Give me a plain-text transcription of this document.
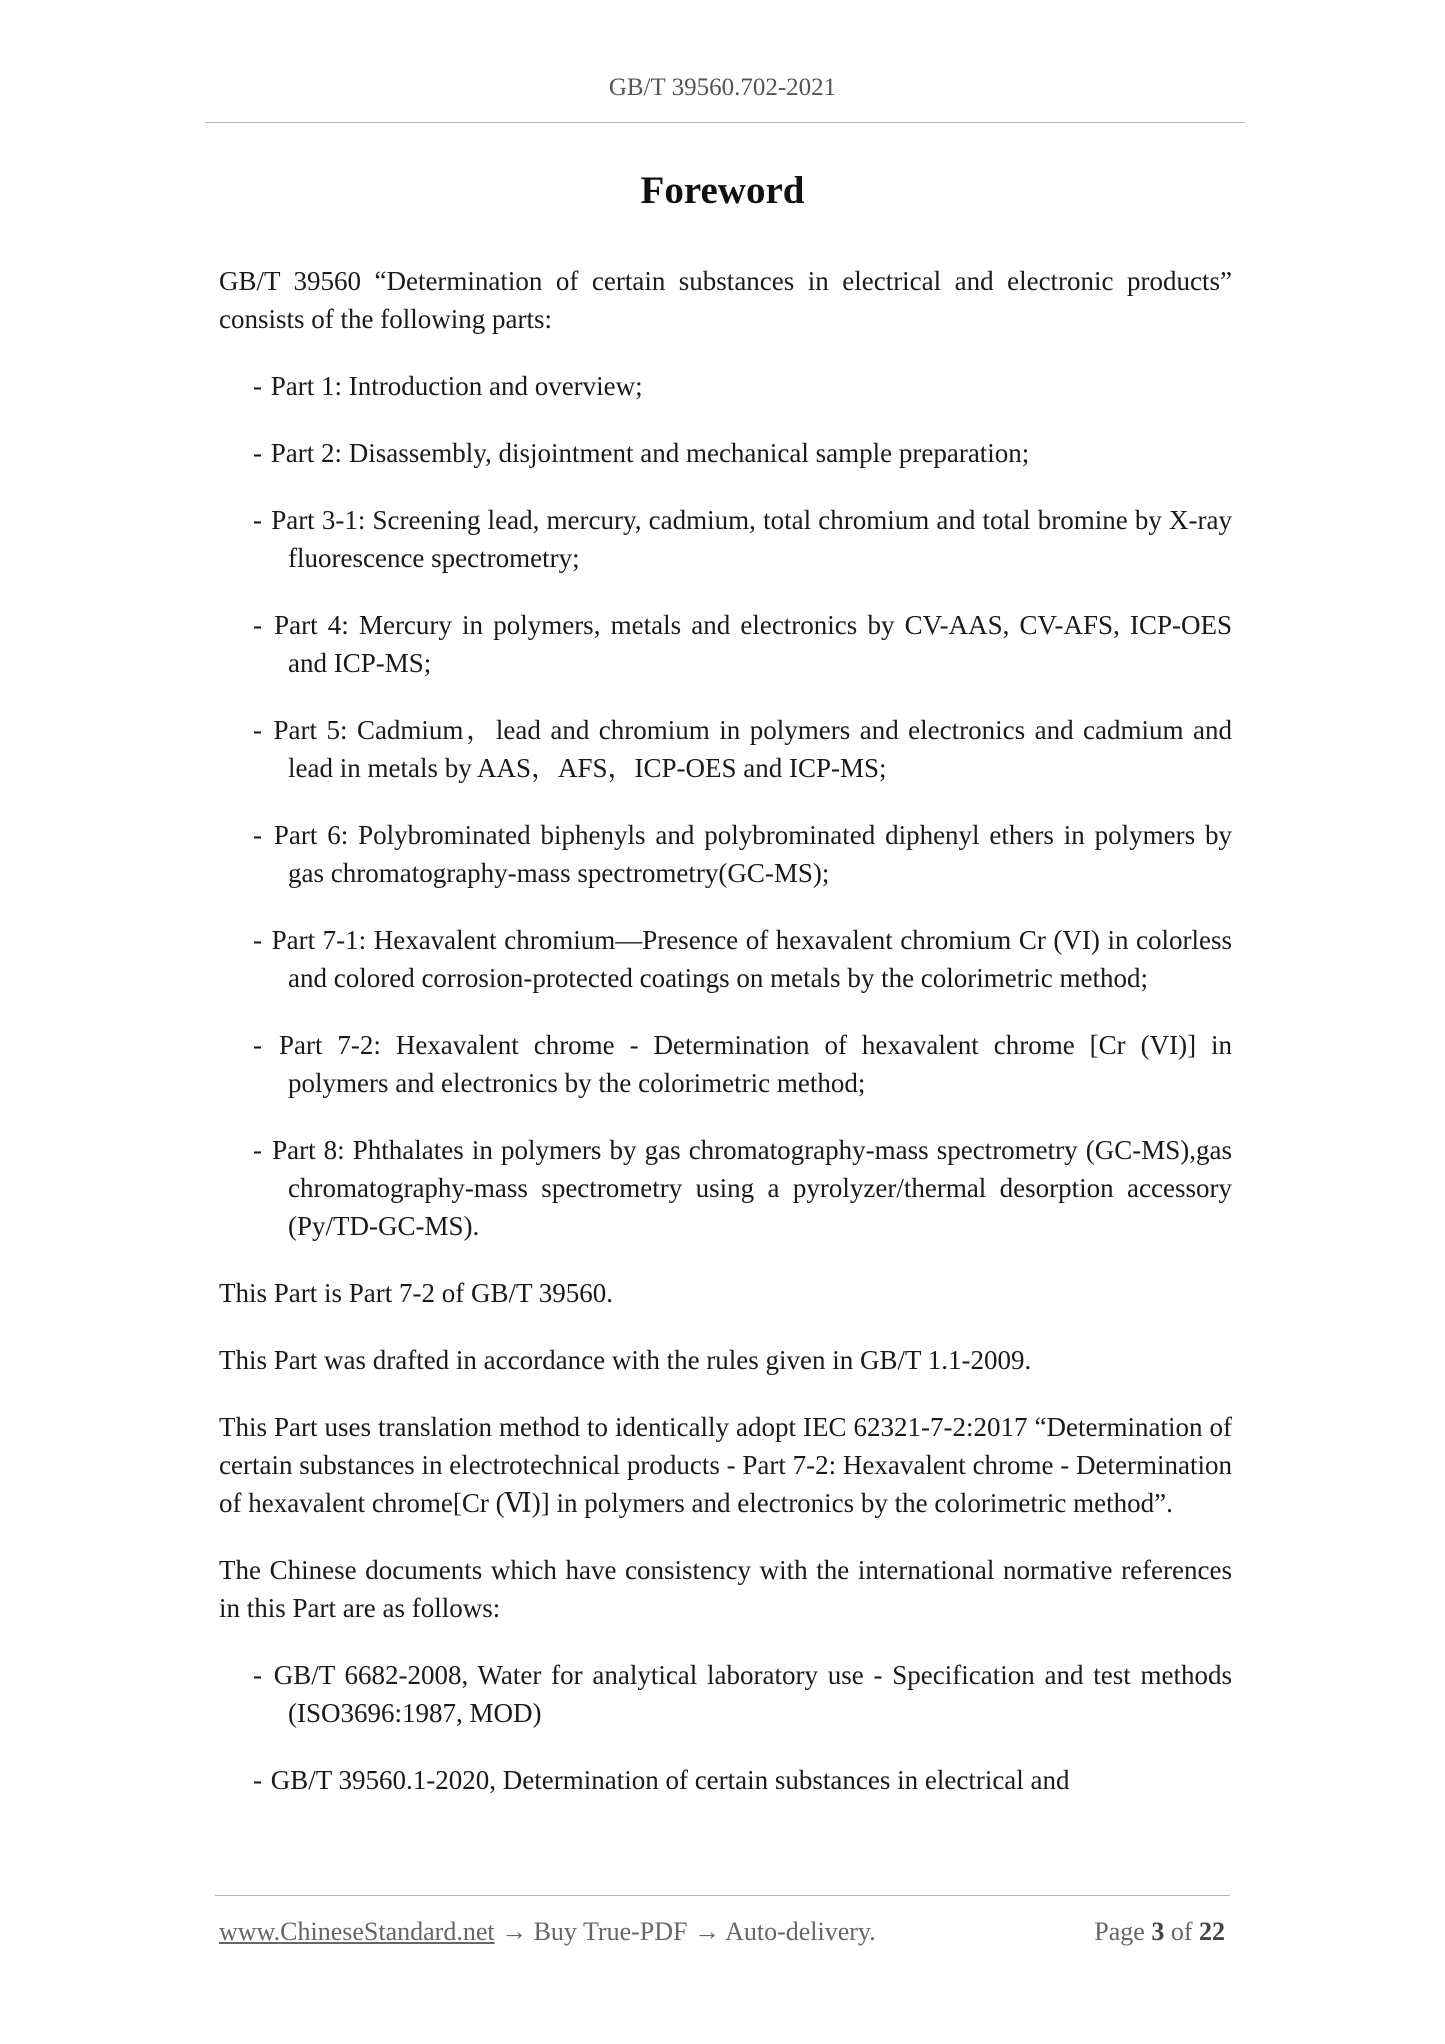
GB/T 39560.702-2021
Foreword

GB/T 39560 “Determination of certain substances in electrical and electronic products” consists of the following parts:

- Part 1: Introduction and overview;

- Part 2: Disassembly, disjointment and mechanical sample preparation;

- Part 3-1: Screening lead, mercury, cadmium, total chromium and total bromine by X-ray fluorescence spectrometry;

- Part 4: Mercury in polymers, metals and electronics by CV-AAS, CV-AFS, ICP-OES and ICP-MS;

- Part 5: Cadmium，lead and chromium in polymers and electronics and cadmium and lead in metals by AAS，AFS，ICP-OES and ICP-MS;

- Part 6: Polybrominated biphenyls and polybrominated diphenyl ethers in polymers by gas chromatography-mass spectrometry(GC-MS);

- Part 7-1: Hexavalent chromium—Presence of hexavalent chromium Cr (VI) in colorless and colored corrosion-protected coatings on metals by the colorimetric method;

- Part 7-2: Hexavalent chrome - Determination of hexavalent chrome [Cr (VI)] in polymers and electronics by the colorimetric method;

- Part 8: Phthalates in polymers by gas chromatography-mass spectrometry (GC-MS),gas chromatography-mass spectrometry using a pyrolyzer/thermal desorption accessory (Py/TD-GC-MS).

This Part is Part 7-2 of GB/T 39560.

This Part was drafted in accordance with the rules given in GB/T 1.1-2009.

This Part uses translation method to identically adopt IEC 62321-7-2:2017 “Determination of certain substances in electrotechnical products - Part 7-2: Hexavalent chrome - Determination of hexavalent chrome[Cr (Ⅵ)] in polymers and electronics by the colorimetric method”.

The Chinese documents which have consistency with the international normative references in this Part are as follows:

- GB/T 6682-2008, Water for analytical laboratory use - Specification and test methods (ISO3696:1987, MOD)

- GB/T 39560.1-2020, Determination of certain substances in electrical and

www.ChineseStandard.net → Buy True-PDF → Auto-delivery.	Page 3 of 22
